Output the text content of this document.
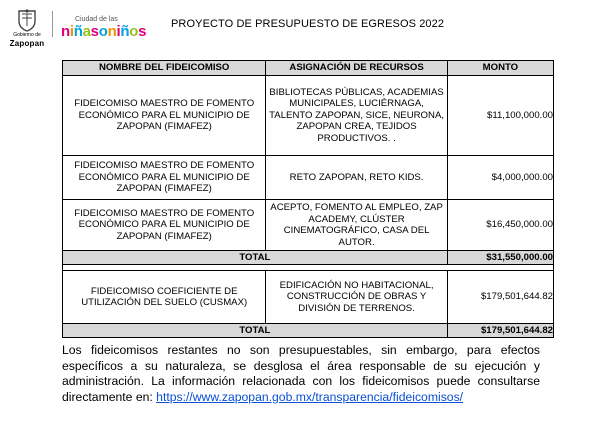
Gobierno de
Zapopan
Ciudad de las
niñasoniños PROYECTO DE PRESUPUESTO DE EGRESOS 2022
NOMBRE DEL FIDEICOMISO	ASIGNACIÓN DE RECURSOS	MONTO
FIDEICOMISO MAESTRO DE FOMENTO ECONÓMICO PARA EL MUNICIPIO DE ZAPOPAN (FIMAFEZ)	BIBLIOTECAS PÚBLICAS, ACADEMIAS MUNICIPALES, LUCIÉRNAGA, TALENTO ZAPOPAN, SICE, NEURONA, ZAPOPAN CREA, TEJIDOS PRODUCTIVOS. .	$11,100,000.00
FIDEICOMISO MAESTRO DE FOMENTO ECONÓMICO PARA EL MUNICIPIO DE ZAPOPAN (FIMAFEZ)	RETO ZAPOPAN, RETO KIDS.	$4,000,000.00
FIDEICOMISO MAESTRO DE FOMENTO ECONÓMICO PARA EL MUNICIPIO DE ZAPOPAN (FIMAFEZ)	ACEPTO, FOMENTO AL EMPLEO, ZAP ACADEMY, CLÚSTER CINEMATOGRÁFICO, CASA DEL AUTOR.	$16,450,000.00
TOTAL		$31,550,000.00

FIDEICOMISO COEFICIENTE DE UTILIZACIÓN DEL SUELO (CUSMAX)	EDIFICACIÓN NO HABITACIONAL, CONSTRUCCIÓN DE OBRAS Y DIVISIÓN DE TERRENOS.	$179,501,644.82
TOTAL		$179,501,644.82
Los fideicomisos restantes no son presupuestables, sin embargo, para efectos específicos a su naturaleza, se desglosa el área responsable de su ejecución y administración. La información relacionada con los fideicomisos puede consultarse directamente en: https://www.zapopan.gob.mx/transparencia/fideicomisos/
